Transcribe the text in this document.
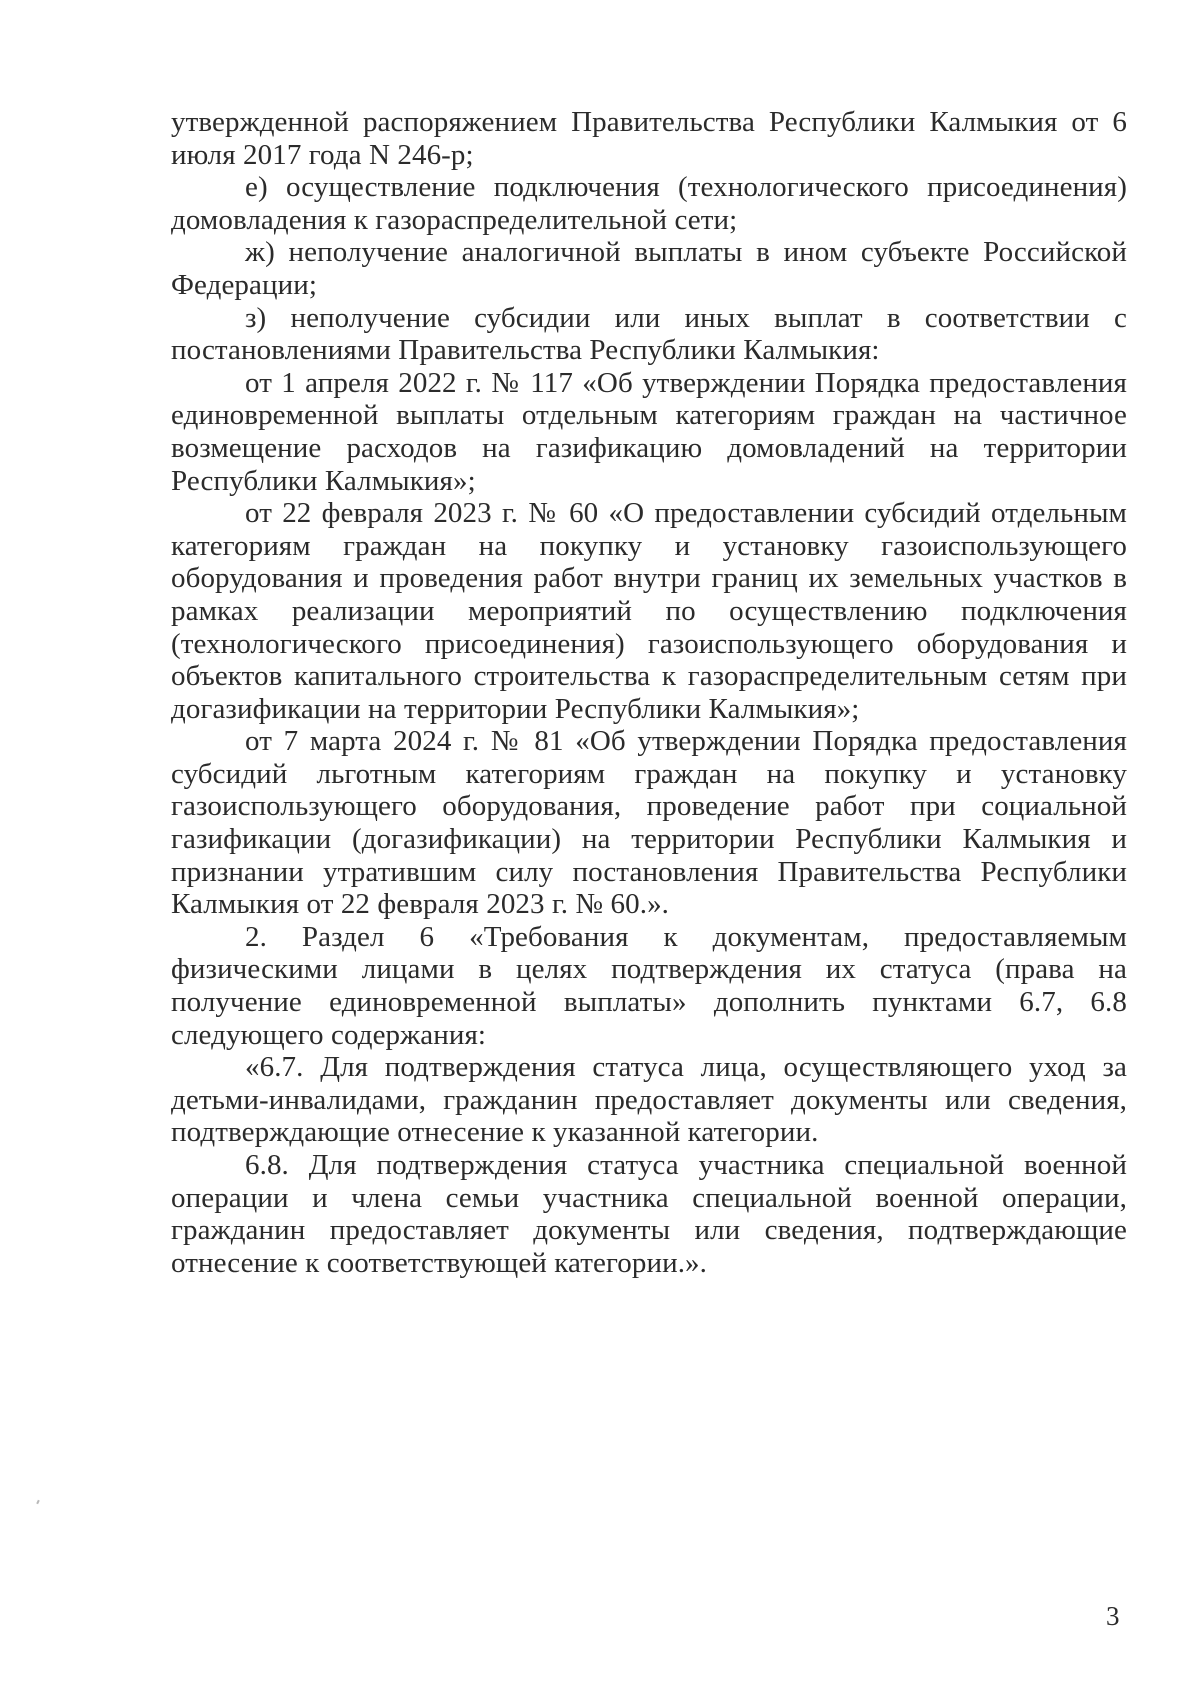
утвержденной распоряжением Правительства Республики Калмыкия от 6 июля 2017 года N 246-р;

е) осуществление подключения (технологического присоединения) домовладения к газораспределительной сети;

ж) неполучение аналогичной выплаты в ином субъекте Российской Федерации;

з) неполучение субсидии или иных выплат в соответствии с постановлениями Правительства Республики Калмыкия:

от 1 апреля 2022 г. № 117 «Об утверждении Порядка предоставления единовременной выплаты отдельным категориям граждан на частичное возмещение расходов на газификацию домовладений на территории Республики Калмыкия»;

от 22 февраля 2023 г. № 60 «О предоставлении субсидий отдельным категориям граждан на покупку и установку газоиспользующего оборудования и проведения работ внутри границ их земельных участков в рамках реализации мероприятий по осуществлению подключения (технологического присоединения) газоиспользующего оборудования и объектов капитального строительства к газораспределительным сетям при догазификации на территории Республики Калмыкия»;

от 7 марта 2024 г. № 81 «Об утверждении Порядка предоставления субсидий льготным категориям граждан на покупку и установку газоиспользующего оборудования, проведение работ при социальной газификации (догазификации) на территории Республики Калмыкия и признании утратившим силу постановления Правительства Республики Калмыкия от 22 февраля 2023 г. № 60.».

2. Раздел 6 «Требования к документам, предоставляемым физическими лицами в целях подтверждения их статуса (права на получение единовременной выплаты» дополнить пунктами 6.7, 6.8 следующего содержания:

«6.7. Для подтверждения статуса лица, осуществляющего уход за детьми-инвалидами, гражданин предоставляет документы или сведения, подтверждающие отнесение к указанной категории.

6.8. Для подтверждения статуса участника специальной военной операции и члена семьи участника специальной военной операции, гражданин предоставляет документы или сведения, подтверждающие отнесение к соответствующей категории.».

3
